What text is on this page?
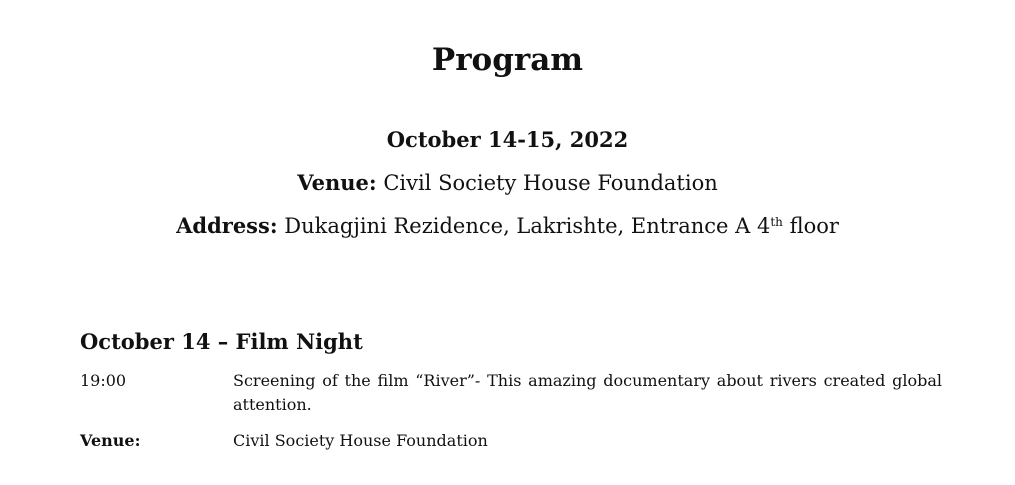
Program

October 14-15, 2022

Venue: Civil Society House Foundation

Address: Dukagjini Rezidence, Lakrishte, Entrance A 4th floor

October 14 – Film Night
19:00	Screening of the film “River”- This amazing documentary about rivers created global attention.
Venue:	Civil Society House Foundation
